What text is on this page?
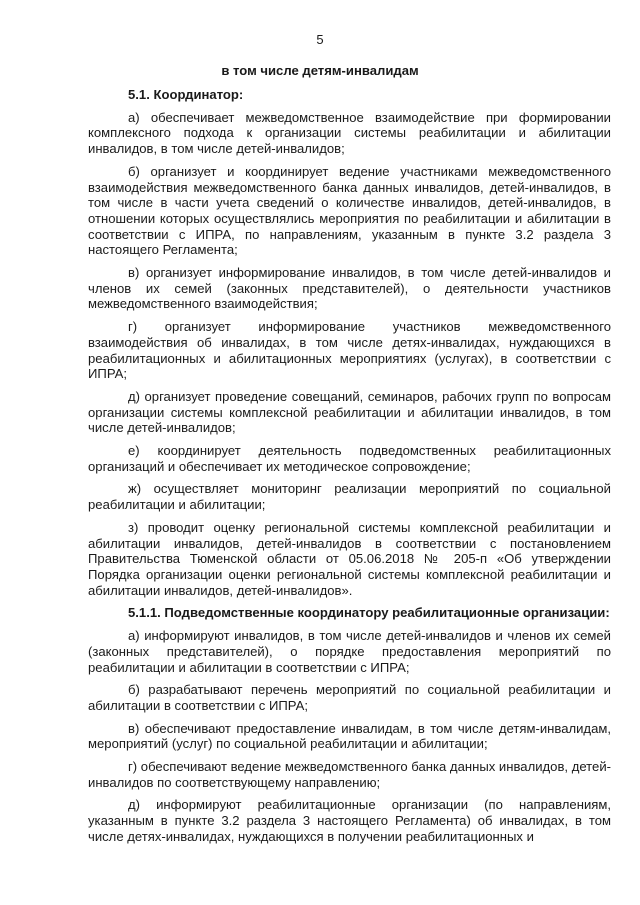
5
в том числе детям-инвалидам

5.1. Координатор:

а) обеспечивает межведомственное взаимодействие при формировании комплексного подхода к организации системы реабилитации и абилитации инвалидов, в том числе детей-инвалидов;

б) организует и координирует ведение участниками межведомственного взаимодействия межведомственного банка данных инвалидов, детей-инвалидов, в том числе в части учета сведений о количестве инвалидов, детей-инвалидов, в отношении которых осуществлялись мероприятия по реабилитации и абилитации в соответствии с ИПРА, по направлениям, указанным в пункте 3.2 раздела 3 настоящего Регламента;

в) организует информирование инвалидов, в том числе детей-инвалидов и членов их семей (законных представителей), о деятельности участников межведомственного взаимодействия;

г) организует информирование участников межведомственного взаимодействия об инвалидах, в том числе детях-инвалидах, нуждающихся в реабилитационных и абилитационных мероприятиях (услугах), в соответствии с ИПРА;

д) организует проведение совещаний, семинаров, рабочих групп по вопросам организации системы комплексной реабилитации и абилитации инвалидов, в том числе детей-инвалидов;

е) координирует деятельность подведомственных реабилитационных организаций и обеспечивает их методическое сопровождение;

ж) осуществляет мониторинг реализации мероприятий по социальной реабилитации и абилитации;

з) проводит оценку региональной системы комплексной реабилитации и абилитации инвалидов, детей-инвалидов в соответствии с постановлением Правительства Тюменской области от 05.06.2018 № 205-п «Об утверждении Порядка организации оценки региональной системы комплексной реабилитации и абилитации инвалидов, детей-инвалидов».

5.1.1. Подведомственные координатору реабилитационные организации:

а) информируют инвалидов, в том числе детей-инвалидов и членов их семей (законных представителей), о порядке предоставления мероприятий по реабилитации и абилитации в соответствии с ИПРА;

б) разрабатывают перечень мероприятий по социальной реабилитации и абилитации в соответствии с ИПРА;

в) обеспечивают предоставление инвалидам, в том числе детям-инвалидам, мероприятий (услуг) по социальной реабилитации и абилитации;

г) обеспечивают ведение межведомственного банка данных инвалидов, детей-инвалидов по соответствующему направлению;

д) информируют реабилитационные организации (по направлениям, указанным в пункте 3.2 раздела 3 настоящего Регламента) об инвалидах, в том числе детях-инвалидах, нуждающихся в получении реабилитационных и
